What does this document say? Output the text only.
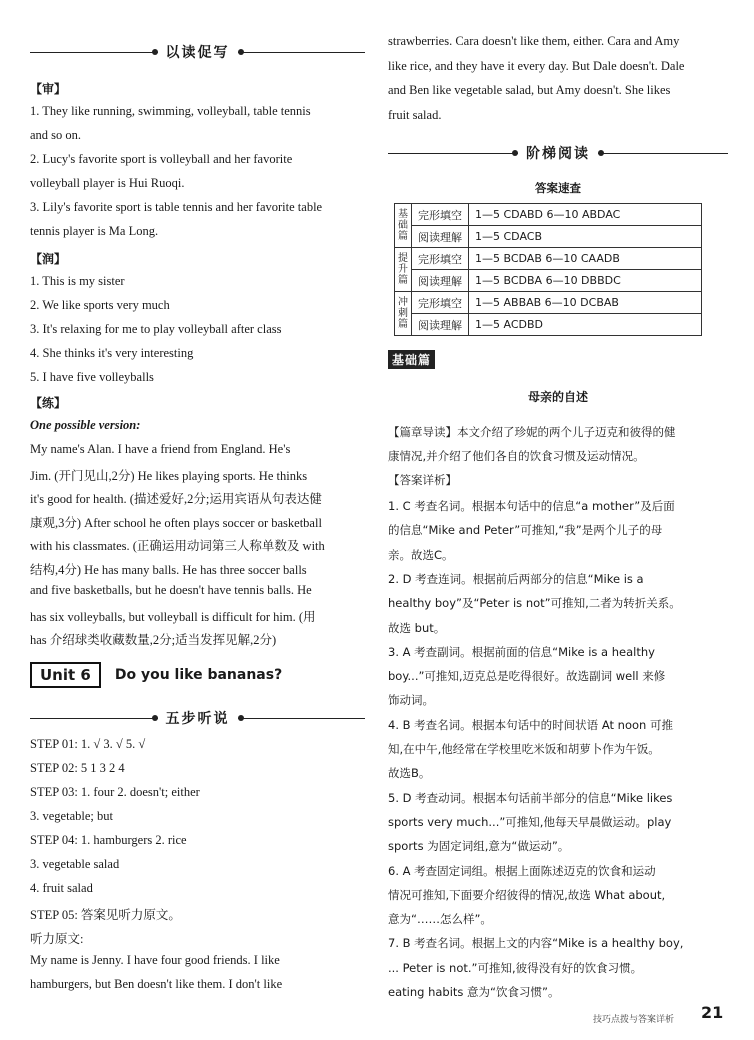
以读促写
【审】
1. They like running, swimming, volleyball, table tennis
and so on.
2. Lucy's favorite sport is volleyball and her favorite
volleyball player is Hui Ruoqi.
3. Lily's favorite sport is table tennis and her favorite table
tennis player is Ma Long.
【润】
1. This is my sister
2. We like sports very much
3. It's relaxing for me to play volleyball after class
4. She thinks it's very interesting
5. I have five volleyballs
【练】
One possible version:
My name's Alan. I have a friend from England. He's
Jim. (开门见山,2分) He likes playing sports. He thinks
it's good for health. (描述爱好,2分;运用宾语从句表达健
康观,3分) After school he often plays soccer or basketball
with his classmates. (正确运用动词第三人称单数及 with
结构,4分) He has many balls. He has three soccer balls
and five basketballs, but he doesn't have tennis balls. He
has six volleyballs, but volleyball is difficult for him. (用
has 介绍球类收藏数量,2分;适当发挥见解,2分)
Unit 6	Do you like bananas?
五步听说
STEP 01: 1. √ 3. √ 5. √
STEP 02: 5 1 3 2 4
STEP 03: 1. four 2. doesn't; either
3. vegetable; but
STEP 04: 1. hamburgers 2. rice
3. vegetable salad
4. fruit salad
STEP 05: 答案见听力原文。
听力原文:
My name is Jenny. I have four good friends. I like
hamburgers, but Ben doesn't like them. I don't like
strawberries. Cara doesn't like them, either. Cara and Amy
like rice, and they have it every day. But Dale doesn't. Dale
and Ben like vegetable salad, but Amy doesn't. She likes
fruit salad.
阶梯阅读
答案速查
基
础
篇	完形填空	1—5 CDABD 6—10 ABDAC
	阅读理解	1—5 CDACB

提
升
篇	完形填空	1—5 BCDAB 6—10 CAADB
	阅读理解	1—5 BCDBA 6—10 DBBDC

冲
刺
篇	完形填空	1—5 ABBAB 6—10 DCBAB
	阅读理解	1—5 ACDBD
基础篇
母亲的自述
【篇章导读】本文介绍了珍妮的两个儿子迈克和彼得的健
康情况,并介绍了他们各自的饮食习惯及运动情况。
【答案详析】
1. C 考查名词。根据本句话中的信息“a mother”及后面
的信息“Mike and Peter”可推知,“我”是两个儿子的母
亲。故选C。
2. D 考查连词。根据前后两部分的信息“Mike is a
healthy boy”及“Peter is not”可推知,二者为转折关系。
故选 but。
3. A 考查副词。根据前面的信息“Mike is a healthy
boy...”可推知,迈克总是吃得很好。故选副词 well 来修
饰动词。
4. B 考查名词。根据本句话中的时间状语 At noon 可推
知,在中午,他经常在学校里吃米饭和胡萝卜作为午饭。
故选B。
5. D 考查动词。根据本句话前半部分的信息“Mike likes
sports very much...”可推知,他每天早晨做运动。play
sports 为固定词组,意为“做运动”。
6. A 考查固定词组。根据上面陈述迈克的饮食和运动
情况可推知,下面要介绍彼得的情况,故选 What about,
意为“……怎么样”。
7. B 考查名词。根据上文的内容“Mike is a healthy boy,
... Peter is not.”可推知,彼得没有好的饮食习惯。
eating habits 意为“饮食习惯”。
技巧点拨与答案详析 21
